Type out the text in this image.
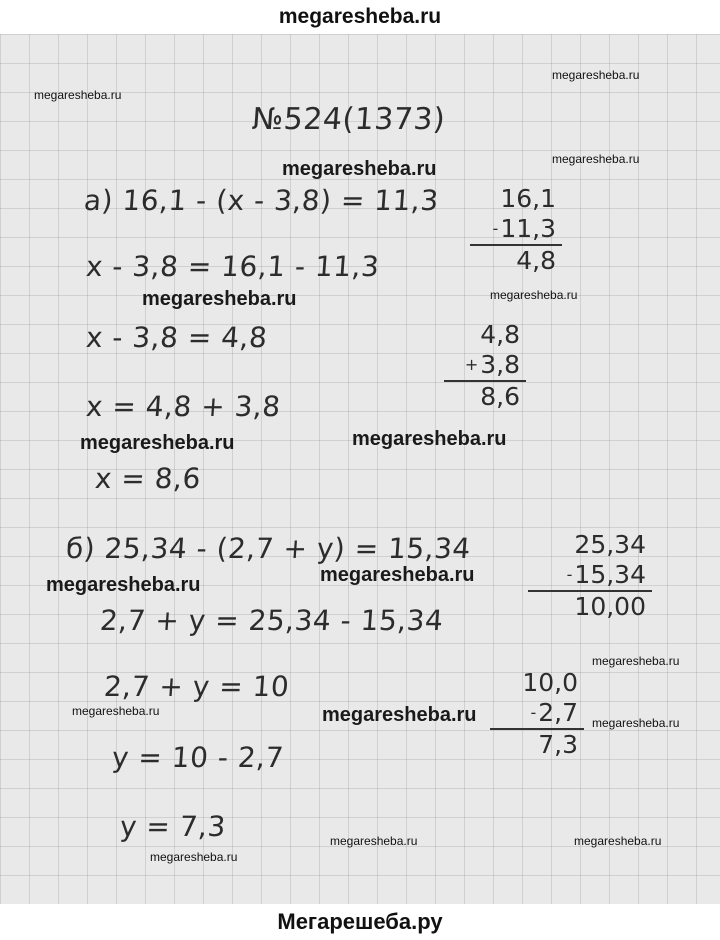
megaresheba.ru
№524(1373)
а) 16,1 - (x - 3,8) = 11,3
x - 3,8 = 16,1 - 11,3
x - 3,8 = 4,8
x = 4,8 + 3,8
x = 8,6
16,1
-11,3
4,8
4,8
+3,8
8,6
б) 25,34 - (2,7 + y) = 15,34
2,7 + y = 25,34 - 15,34
2,7 + y = 10
y = 10 - 2,7
y = 7,3
25,34
-15,34
10,00
10,0
-2,7
7,3
megaresheba.ru
megaresheba.ru
megaresheba.ru	megaresheba.ru
megaresheba.ru	megaresheba.ru
megaresheba.ru	megaresheba.ru
megaresheba.ru	megaresheba.ru
megaresheba.ru
megaresheba.ru	megaresheba.ru	megaresheba.ru
megaresheba.ru	megaresheba.ru
megaresheba.ru
Мегарешеба.ру
